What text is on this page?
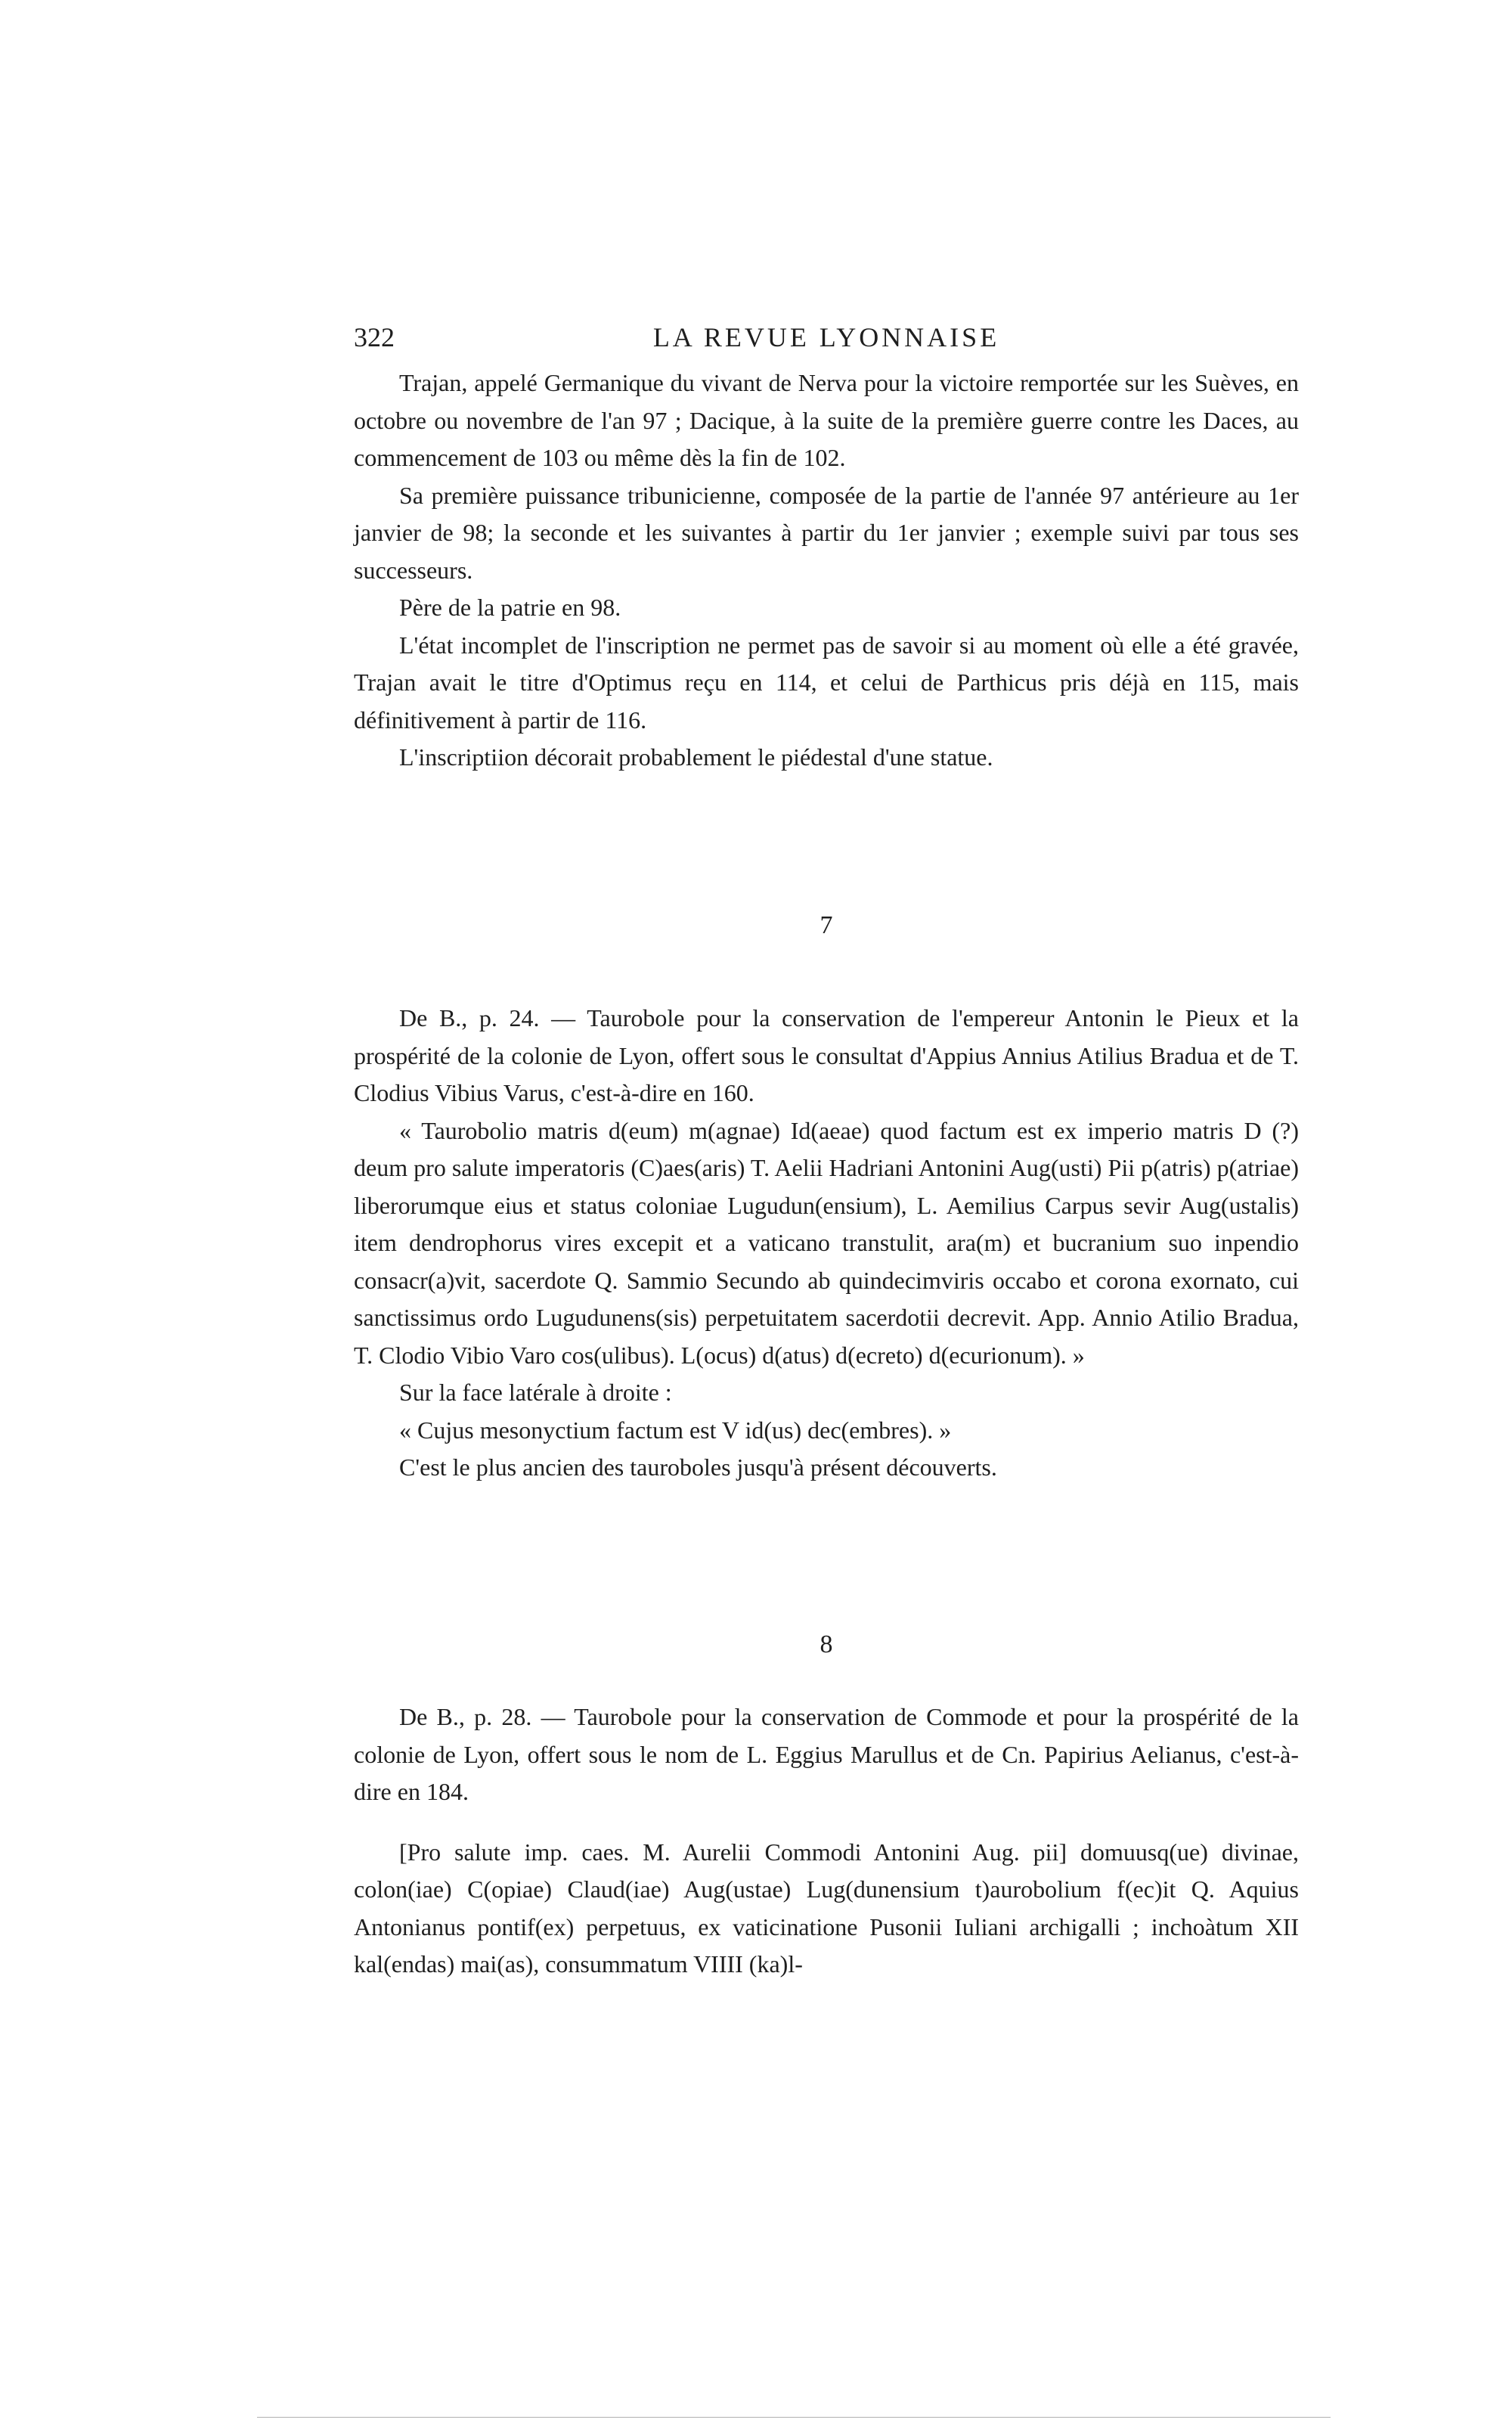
322	LA REVUE LYONNAISE

Trajan, appelé Germanique du vivant de Nerva pour la victoire remportée sur les Suèves, en octobre ou novembre de l'an 97 ; Dacique, à la suite de la première guerre contre les Daces, au commencement de 103 ou même dès la fin de 102.

Sa première puissance tribunicienne, composée de la partie de l'année 97 antérieure au 1er janvier de 98; la seconde et les suivantes à partir du 1er janvier ; exemple suivi par tous ses successeurs.

Père de la patrie en 98.

L'état incomplet de l'inscription ne permet pas de savoir si au moment où elle a été gravée, Trajan avait le titre d'Optimus reçu en 114, et celui de Parthicus pris déjà en 115, mais définitivement à partir de 116.

L'inscriptiion décorait probablement le piédestal d'une statue.

7

De B., p. 24. — Taurobole pour la conservation de l'empereur Antonin le Pieux et la prospérité de la colonie de Lyon, offert sous le consultat d'Appius Annius Atilius Bradua et de T. Clodius Vibius Varus, c'est-à-dire en 160.

« Taurobolio matris d(eum) m(agnae) Id(aeae) quod factum est ex imperio matris D (?) deum pro salute imperatoris (C)aes(aris) T. Aelii Hadriani Antonini Aug(usti) Pii p(atris) p(atriae) liberorumque eius et status coloniae Lugudun(ensium), L. Aemilius Carpus sevir Aug(ustalis) item dendrophorus vires excepit et a vaticano transtulit, ara(m) et bucranium suo inpendio consacr(a)vit, sacerdote Q. Sammio Secundo ab quindecimviris occabo et corona exornato, cui sanctissimus ordo Lugudunens(sis) perpetuitatem sacerdotii decrevit. App. Annio Atilio Bradua, T. Clodio Vibio Varo cos(ulibus). L(ocus) d(atus) d(ecreto) d(ecurionum). »

Sur la face latérale à droite :

« Cujus mesonyctium factum est V id(us) dec(embres). »

C'est le plus ancien des tauroboles jusqu'à présent découverts.

8

De B., p. 28. — Taurobole pour la conservation de Commode et pour la prospérité de la colonie de Lyon, offert sous le nom de L. Eggius Marullus et de Cn. Papirius Aelianus, c'est-à-dire en 184.

[Pro salute imp. caes. M. Aurelii Commodi Antonini Aug. pii] domuusq(ue) divinae, colon(iae) C(opiae) Claud(iae) Aug(ustae) Lug(dunensium t)aurobolium f(ec)it Q. Aquius Antonianus pontif(ex) perpetuus, ex vaticinatione Pusonii Iuliani archigalli ; inchoàtum XII kal(endas) mai(as), consummatum VIIII (ka)l-
